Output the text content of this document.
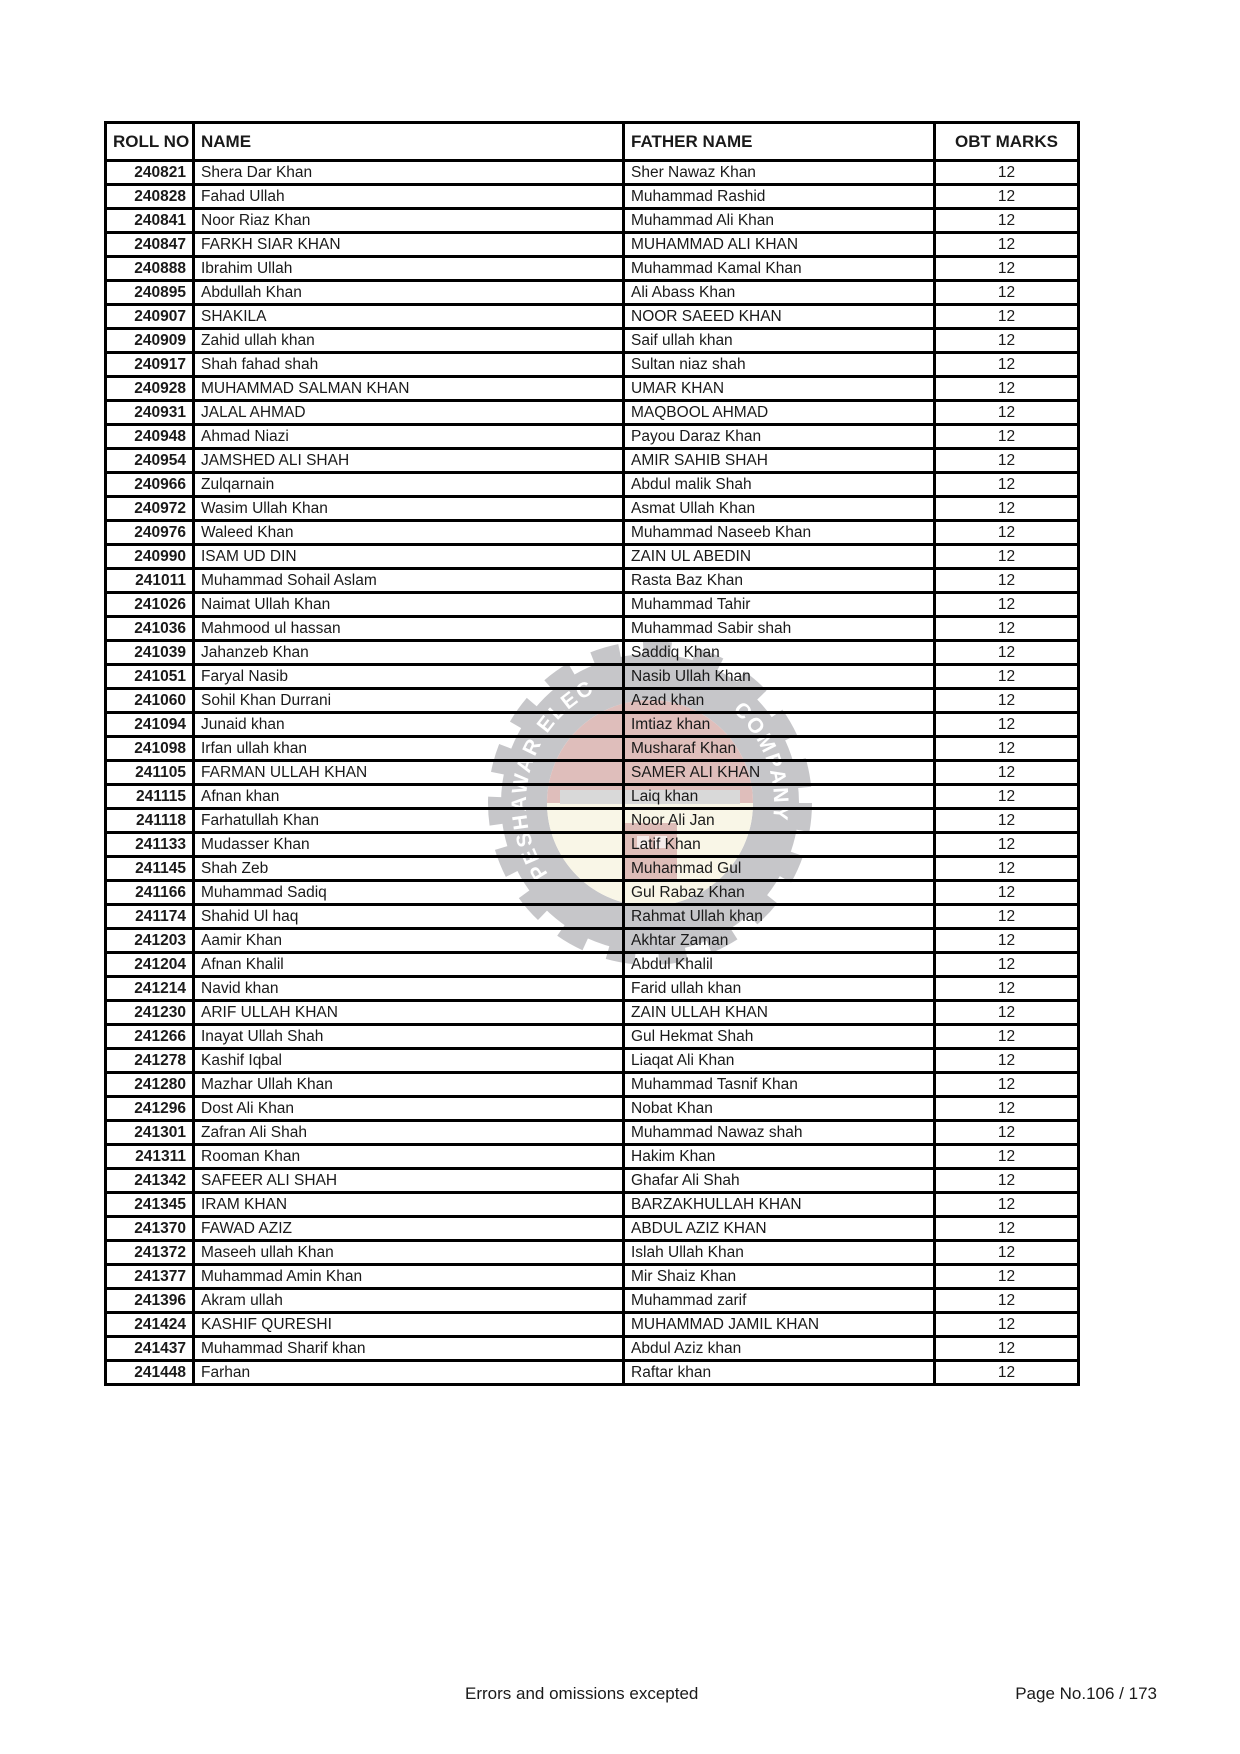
PESHAWAR ELEC COMPANY
ROLL NO	NAME	FATHER NAME	OBT MARKS
240821	Shera Dar Khan	Sher Nawaz Khan	12
240828	Fahad Ullah	Muhammad Rashid	12
240841	Noor Riaz Khan	Muhammad Ali Khan	12
240847	FARKH SIAR KHAN	MUHAMMAD ALI KHAN	12
240888	Ibrahim Ullah	Muhammad Kamal Khan	12
240895	Abdullah Khan	Ali Abass Khan	12
240907	SHAKILA	NOOR SAEED KHAN	12
240909	Zahid ullah khan	Saif ullah khan	12
240917	Shah fahad shah	Sultan niaz shah	12
240928	MUHAMMAD SALMAN KHAN	UMAR KHAN	12
240931	JALAL AHMAD	MAQBOOL AHMAD	12
240948	Ahmad Niazi	Payou Daraz Khan	12
240954	JAMSHED ALI SHAH	AMIR SAHIB SHAH	12
240966	Zulqarnain	Abdul malik Shah	12
240972	Wasim Ullah Khan	Asmat Ullah Khan	12
240976	Waleed Khan	Muhammad Naseeb Khan	12
240990	ISAM UD DIN	ZAIN UL ABEDIN	12
241011	Muhammad Sohail Aslam	Rasta Baz Khan	12
241026	Naimat Ullah Khan	Muhammad Tahir	12
241036	Mahmood ul hassan	Muhammad Sabir shah	12
241039	Jahanzeb Khan	Saddiq Khan	12
241051	Faryal Nasib	Nasib Ullah Khan	12
241060	Sohil Khan Durrani	Azad khan	12
241094	Junaid khan	Imtiaz khan	12
241098	Irfan ullah khan	Musharaf Khan	12
241105	FARMAN ULLAH KHAN	SAMER ALI KHAN	12
241115	Afnan khan	Laiq khan	12
241118	Farhatullah Khan	Noor Ali Jan	12
241133	Mudasser Khan	Latif Khan	12
241145	Shah Zeb	Muhammad Gul	12
241166	Muhammad Sadiq	Gul Rabaz Khan	12
241174	Shahid Ul haq	Rahmat Ullah khan	12
241203	Aamir Khan	Akhtar Zaman	12
241204	Afnan Khalil	Abdul Khalil	12
241214	Navid khan	Farid ullah khan	12
241230	ARIF ULLAH KHAN	ZAIN ULLAH KHAN	12
241266	Inayat Ullah Shah	Gul Hekmat Shah	12
241278	Kashif Iqbal	Liaqat Ali Khan	12
241280	Mazhar Ullah Khan	Muhammad Tasnif Khan	12
241296	Dost Ali Khan	Nobat Khan	12
241301	Zafran Ali Shah	Muhammad Nawaz shah	12
241311	Rooman Khan	Hakim Khan	12
241342	SAFEER ALI SHAH	Ghafar Ali Shah	12
241345	IRAM KHAN	BARZAKHULLAH KHAN	12
241370	FAWAD AZIZ	ABDUL AZIZ KHAN	12
241372	Maseeh ullah Khan	Islah Ullah Khan	12
241377	Muhammad Amin Khan	Mir Shaiz Khan	12
241396	Akram ullah	Muhammad zarif	12
241424	KASHIF QURESHI	MUHAMMAD JAMIL KHAN	12
241437	Muhammad Sharif khan	Abdul Aziz khan	12
241448	Farhan	Raftar khan	12
Errors and omissions excepted	Page No.106 / 173
